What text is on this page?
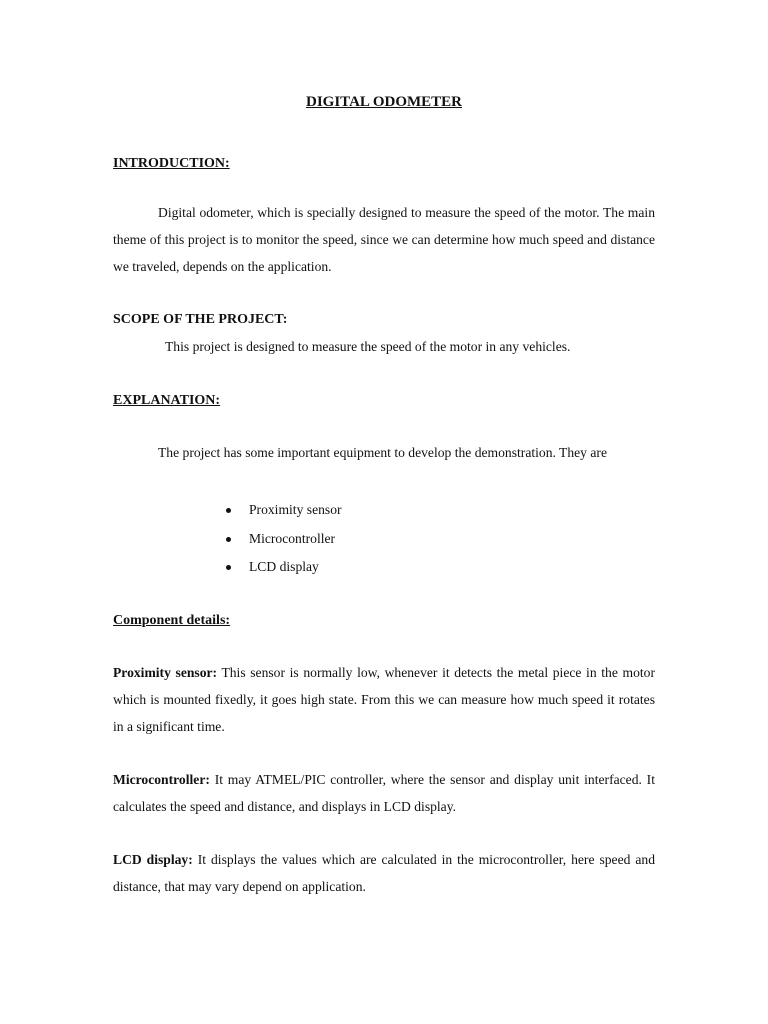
DIGITAL ODOMETER
INTRODUCTION:

Digital odometer, which is specially designed to measure the speed of the motor. The main theme of this project is to monitor the speed, since we can determine how much speed and distance we traveled, depends on the application.

SCOPE OF THE PROJECT:
This project is designed to measure the speed of the motor in any vehicles.
EXPLANATION:

The project has some important equipment to develop the demonstration. They are

Proximity sensor
Microcontroller
LCD display
Component details:

Proximity sensor: This sensor is normally low, whenever it detects the metal piece in the motor which is mounted fixedly, it goes high state. From this we can measure how much speed it rotates in a significant time.

Microcontroller: It may ATMEL/PIC controller, where the sensor and display unit interfaced. It calculates the speed and distance, and displays in LCD display.

LCD display: It displays the values which are calculated in the microcontroller, here speed and distance, that may vary depend on application.
